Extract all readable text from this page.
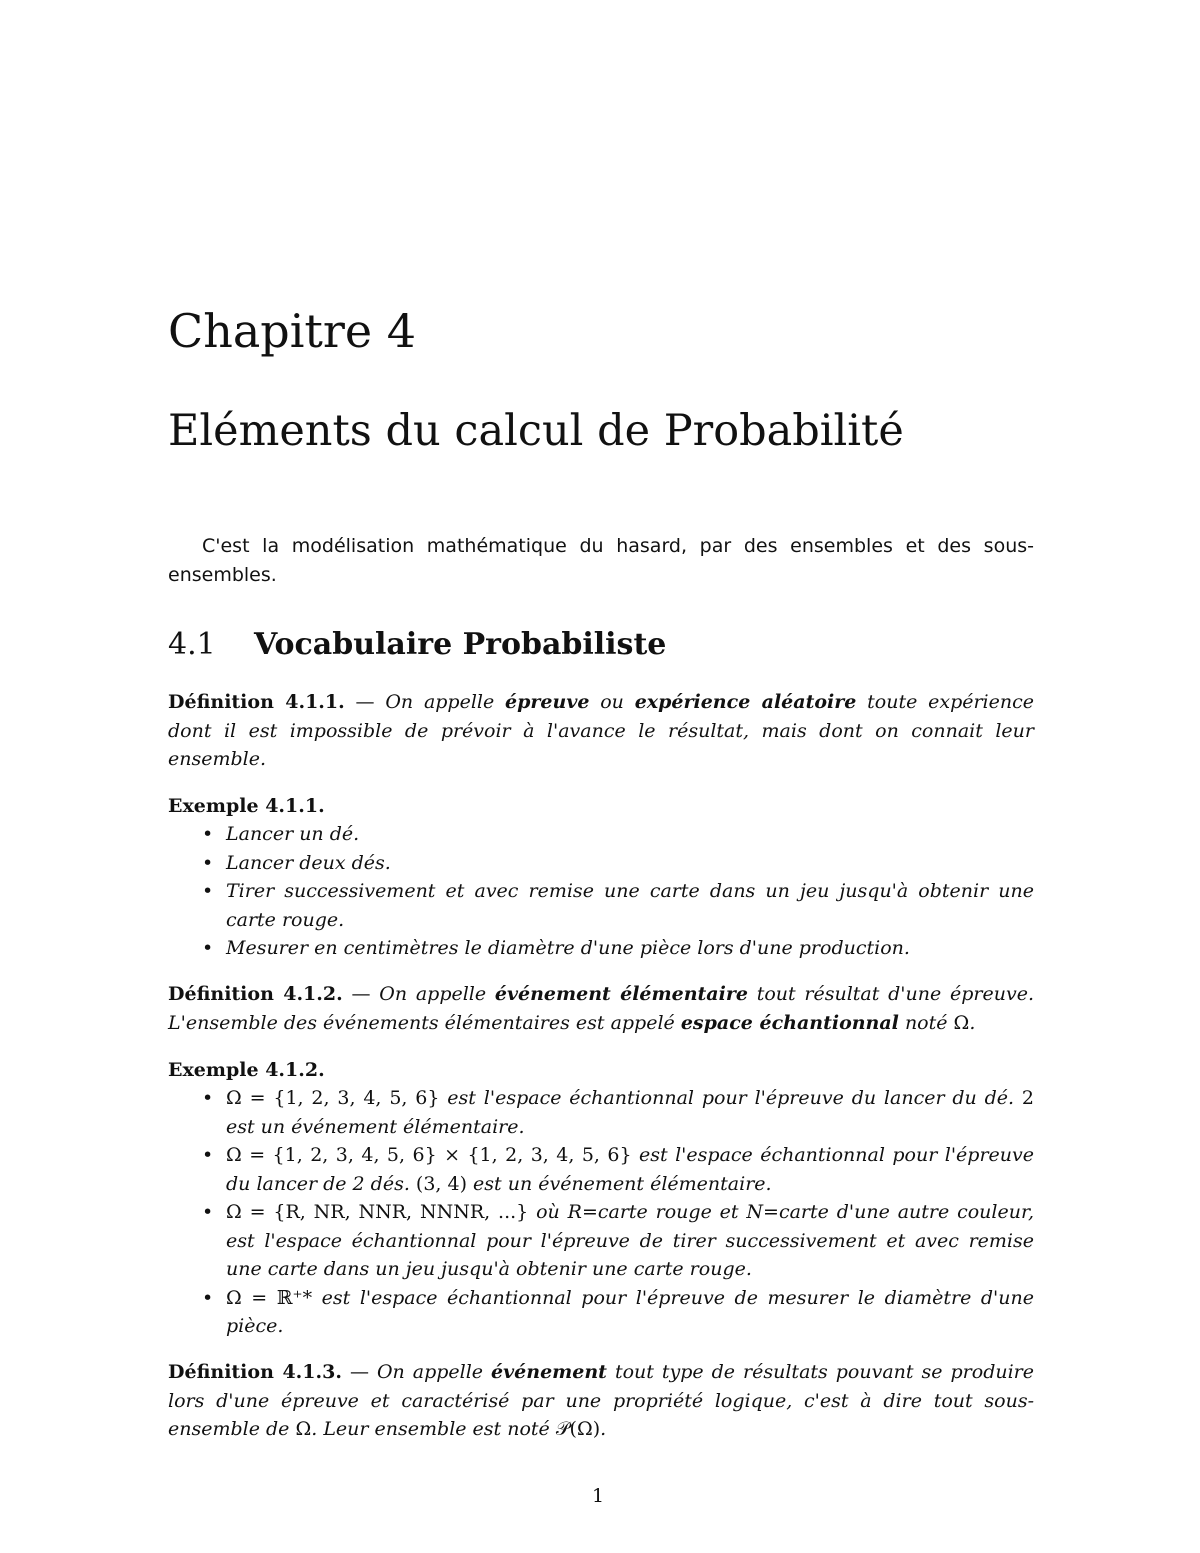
Chapitre 4
Eléments du calcul de Probabilité

C'est la modélisation mathématique du hasard, par des ensembles et des sous-ensembles.

4.1 Vocabulaire Probabiliste

Définition 4.1.1. — On appelle épreuve ou expérience aléatoire toute expérience dont il est impossible de prévoir à l'avance le résultat, mais dont on connait leur ensemble.

Exemple 4.1.1.
• Lancer un dé.
• Lancer deux dés.
• Tirer successivement et avec remise une carte dans un jeu jusqu'à obtenir une carte rouge.
• Mesurer en centimètres le diamètre d'une pièce lors d'une production.

Définition 4.1.2. — On appelle événement élémentaire tout résultat d'une épreuve. L'ensemble des événements élémentaires est appelé espace échantionnal noté Ω.

Exemple 4.1.2.
• Ω = {1, 2, 3, 4, 5, 6} est l'espace échantionnal pour l'épreuve du lancer du dé. 2 est un événement élémentaire.
• Ω = {1, 2, 3, 4, 5, 6} × {1, 2, 3, 4, 5, 6} est l'espace échantionnal pour l'épreuve du lancer de 2 dés. (3, 4) est un événement élémentaire.
• Ω = {R, NR, NNR, NNNR, ...} où R=carte rouge et N=carte d'une autre couleur, est l'espace échantionnal pour l'épreuve de tirer successivement et avec remise une carte dans un jeu jusqu'à obtenir une carte rouge.
• Ω = ℝ⁺* est l'espace échantionnal pour l'épreuve de mesurer le diamètre d'une pièce.

Définition 4.1.3. — On appelle événement tout type de résultats pouvant se produire lors d'une épreuve et caractérisé par une propriété logique, c'est à dire tout sous-ensemble de Ω. Leur ensemble est noté 𝒫(Ω).

1
